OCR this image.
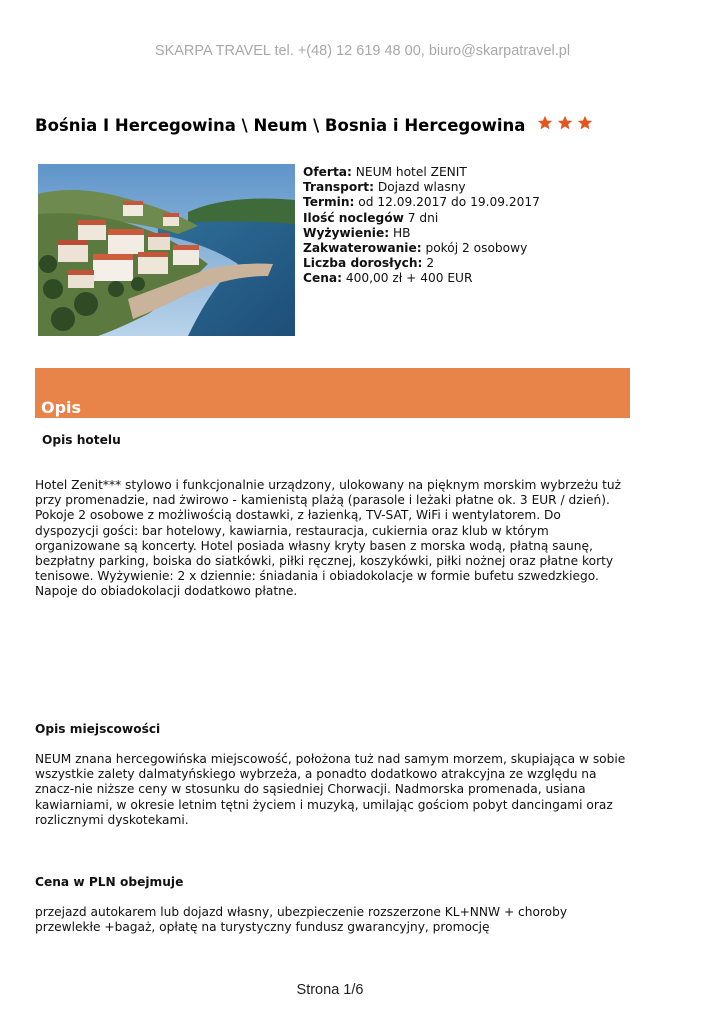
SKARPA TRAVEL tel. +(48) 12 619 48 00, biuro@skarpatravel.pl
Bośnia I Hercegowina \ Neum \ Bosnia i Hercegowina
Oferta: NEUM hotel ZENIT
Transport: Dojazd wlasny
Termin: od 12.09.2017 do 19.09.2017
Ilość noclegów 7 dni
Wyżywienie: HB
Zakwaterowanie: pokój 2 osobowy
Liczba dorosłych: 2
Cena: 400,00 zł + 400 EUR
Opis
Opis hotelu
Hotel Zenit*** stylowo i funkcjonalnie urządzony, ulokowany na pięknym morskim wybrzeżu tuż
przy promenadzie, nad żwirowo - kamienistą plażą (parasole i leżaki płatne ok. 3 EUR / dzień).
Pokoje 2 osobowe z możliwością dostawki, z łazienką, TV-SAT, WiFi i wentylatorem. Do
dyspozycji gości: bar hotelowy, kawiarnia, restauracja, cukiernia oraz klub w którym
organizowane są koncerty. Hotel posiada własny kryty basen z morska wodą, płatną saunę,
bezpłatny parking, boiska do siatkówki, piłki ręcznej, koszykówki, piłki nożnej oraz płatne korty
tenisowe. Wyżywienie: 2 x dziennie: śniadania i obiadokolacje w formie bufetu szwedzkiego.
Napoje do obiadokolacji dodatkowo płatne.
Opis miejscowości
NEUM znana hercegowińska miejscowość, położona tuż nad samym morzem, skupiająca w sobie
wszystkie zalety dalmatyńskiego wybrzeża, a ponadto dodatkowo atrakcyjna ze względu na
znacz-nie niższe ceny w stosunku do sąsiedniej Chorwacji. Nadmorska promenada, usiana
kawiarniami, w okresie letnim tętni życiem i muzyką, umilając gościom pobyt dancingami oraz
rozlicznymi dyskotekami.
Cena w PLN obejmuje
przejazd autokarem lub dojazd własny, ubezpieczenie rozszerzone KL+NNW + choroby
przewlekłe +bagaż, opłatę na turystyczny fundusz gwarancyjny, promocję
Strona 1/6
